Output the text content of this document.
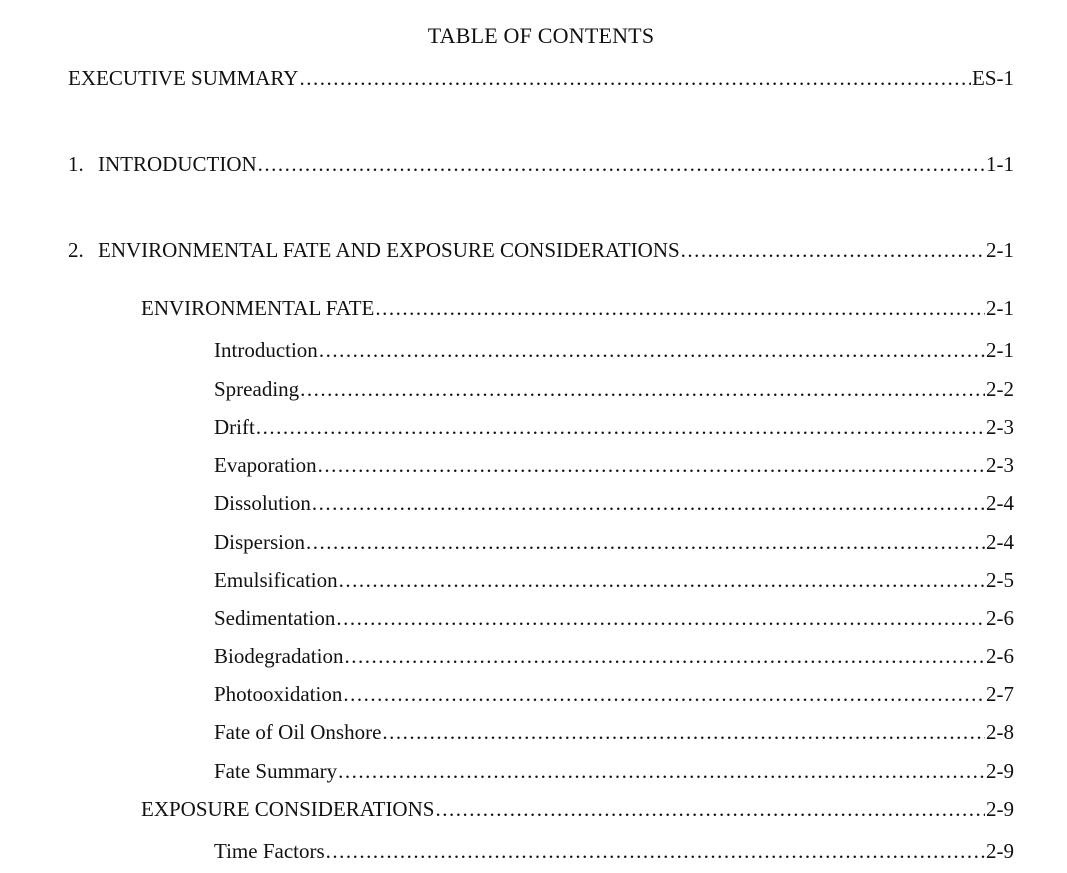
TABLE OF CONTENTS
EXECUTIVE SUMMARY .....	ES-1
1. INTRODUCTION .....	1-1
2. ENVIRONMENTAL FATE AND EXPOSURE CONSIDERATIONS .....	2-1
ENVIRONMENTAL FATE .....	2-1
Introduction .....	2-1
Spreading .....	2-2
Drift .....	2-3
Evaporation .....	2-3
Dissolution .....	2-4
Dispersion .....	2-4
Emulsification .....	2-5
Sedimentation .....	2-6
Biodegradation .....	2-6
Photooxidation .....	2-7
Fate of Oil Onshore .....	2-8
Fate Summary .....	2-9
EXPOSURE CONSIDERATIONS .....	2-9
Time Factors .....	2-9
